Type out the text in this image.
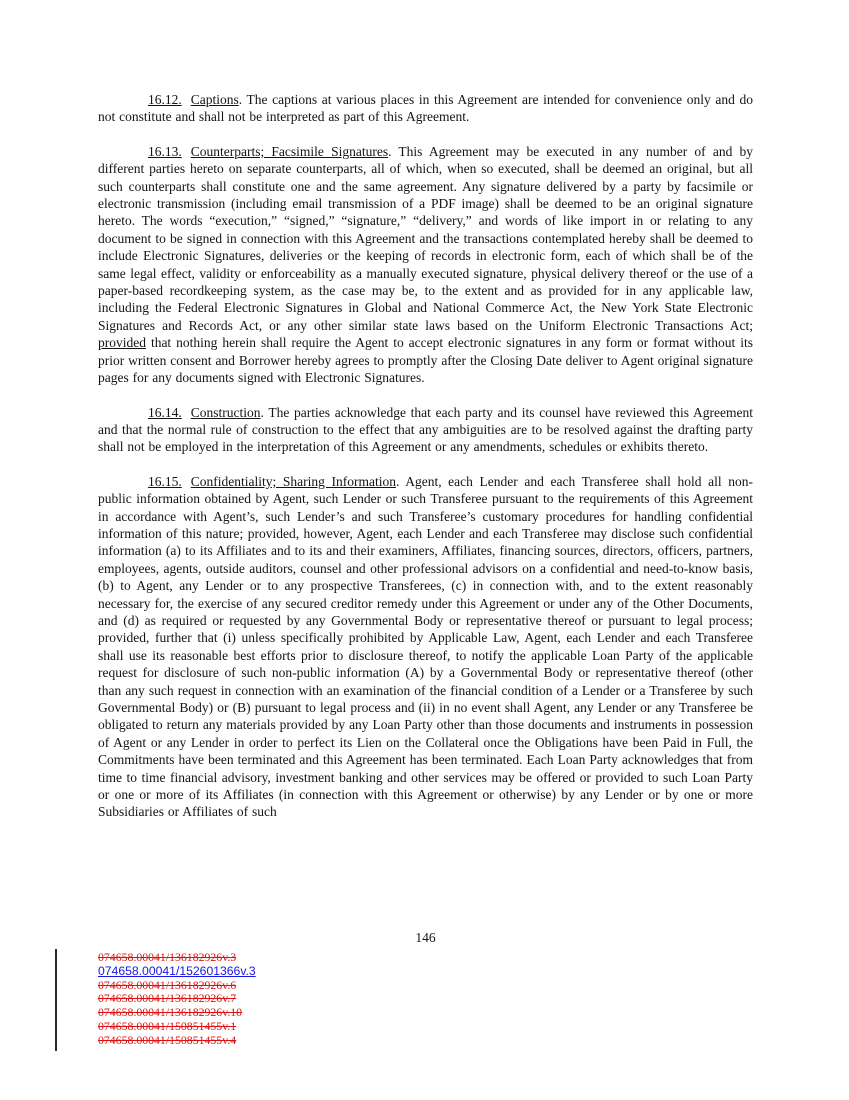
16.12. Captions. The captions at various places in this Agreement are intended for convenience only and do not constitute and shall not be interpreted as part of this Agreement.

16.13. Counterparts; Facsimile Signatures. This Agreement may be executed in any number of and by different parties hereto on separate counterparts, all of which, when so executed, shall be deemed an original, but all such counterparts shall constitute one and the same agreement. Any signature delivered by a party by facsimile or electronic transmission (including email transmission of a PDF image) shall be deemed to be an original signature hereto. The words “execution,” “signed,” “signature,” “delivery,” and words of like import in or relating to any document to be signed in connection with this Agreement and the transactions contemplated hereby shall be deemed to include Electronic Signatures, deliveries or the keeping of records in electronic form, each of which shall be of the same legal effect, validity or enforceability as a manually executed signature, physical delivery thereof or the use of a paper-based recordkeeping system, as the case may be, to the extent and as provided for in any applicable law, including the Federal Electronic Signatures in Global and National Commerce Act, the New York State Electronic Signatures and Records Act, or any other similar state laws based on the Uniform Electronic Transactions Act; provided that nothing herein shall require the Agent to accept electronic signatures in any form or format without its prior written consent and Borrower hereby agrees to promptly after the Closing Date deliver to Agent original signature pages for any documents signed with Electronic Signatures.

16.14. Construction. The parties acknowledge that each party and its counsel have reviewed this Agreement and that the normal rule of construction to the effect that any ambiguities are to be resolved against the drafting party shall not be employed in the interpretation of this Agreement or any amendments, schedules or exhibits thereto.

16.15. Confidentiality; Sharing Information. Agent, each Lender and each Transferee shall hold all non-public information obtained by Agent, such Lender or such Transferee pursuant to the requirements of this Agreement in accordance with Agent’s, such Lender’s and such Transferee’s customary procedures for handling confidential information of this nature; provided, however, Agent, each Lender and each Transferee may disclose such confidential information (a) to its Affiliates and to its and their examiners, Affiliates, financing sources, directors, officers, partners, employees, agents, outside auditors, counsel and other professional advisors on a confidential and need-to-know basis, (b) to Agent, any Lender or to any prospective Transferees, (c) in connection with, and to the extent reasonably necessary for, the exercise of any secured creditor remedy under this Agreement or under any of the Other Documents, and (d) as required or requested by any Governmental Body or representative thereof or pursuant to legal process; provided, further that (i) unless specifically prohibited by Applicable Law, Agent, each Lender and each Transferee shall use its reasonable best efforts prior to disclosure thereof, to notify the applicable Loan Party of the applicable request for disclosure of such non-public information (A) by a Governmental Body or representative thereof (other than any such request in connection with an examination of the financial condition of a Lender or a Transferee by such Governmental Body) or (B) pursuant to legal process and (ii) in no event shall Agent, any Lender or any Transferee be obligated to return any materials provided by any Loan Party other than those documents and instruments in possession of Agent or any Lender in order to perfect its Lien on the Collateral once the Obligations have been Paid in Full, the Commitments have been terminated and this Agreement has been terminated. Each Loan Party acknowledges that from time to time financial advisory, investment banking and other services may be offered or provided to such Loan Party or one or more of its Affiliates (in connection with this Agreement or otherwise) by any Lender or by one or more Subsidiaries or Affiliates of such

146
074658.00041/136182926v.3
074658.00041/152601366v.3
074658.00041/136182926v.6
074658.00041/136182926v.7
074658.00041/136182926v.10
074658.00041/150851455v.1
074658.00041/150851455v.4
